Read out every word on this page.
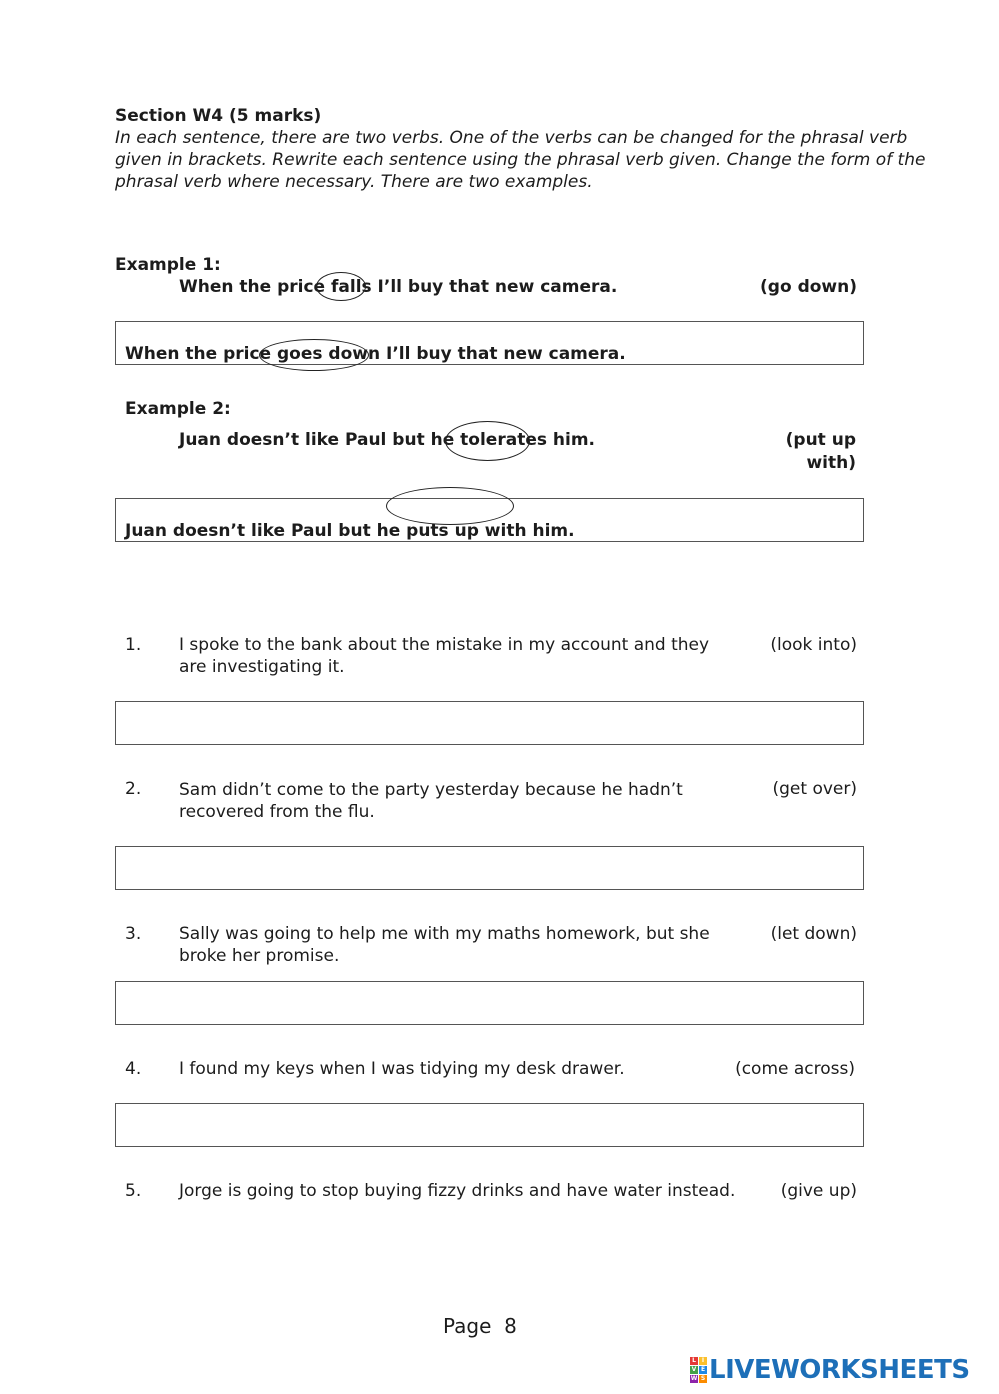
Section W4 (5 marks)
In each sentence, there are two verbs. One of the verbs can be changed for the phrasal verb
given in brackets. Rewrite each sentence using the phrasal verb given. Change the form of the
phrasal verb where necessary. There are two examples.
Example 1:
When the price falls I’ll buy that new camera.	(go down)
When the price goes down I’ll buy that new camera.
Example 2:
Juan doesn’t like Paul but he tolerates him.	(put up
with)
Juan doesn’t like Paul but he puts up with him.
1. I spoke to the bank about the mistake in my account and they
are investigating it.
(look into)
2. Sam didn’t come to the party yesterday because he hadn’t
recovered from the flu.
(get over)
3. Sally was going to help me with my maths homework, but she
broke her promise.
(let down)
4. I found my keys when I was tidying my desk drawer.	(come across)
5. Jorge is going to stop buying fizzy drinks and have water instead.	(give up)
Page  8
L I
V E
W S LIVEWORKSHEETS
